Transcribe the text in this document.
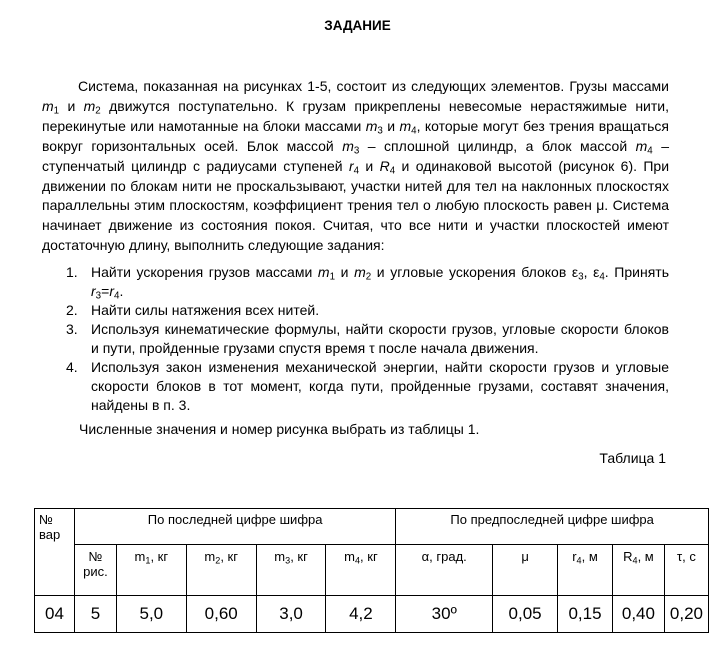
ЗАДАНИЕ

Система, показанная на рисунках 1-5, состоит из следующих элементов. Грузы массами $m_1$ и $m_2$ движутся поступательно. К грузам прикреплены невесомые нерастяжимые нити, перекинутые или намотанные на блоки массами $m_3$ и $m_4$, которые могут без трения вращаться вокруг горизонтальных осей. Блок массой $m_3$ – сплошной цилиндр, а блок массой $m_4$ – ступенчатый цилиндр с радиусами ступеней $r_4$ и $R_4$ и одинаковой высотой (рисунок 6). При движении по блокам нити не проскальзывают, участки нитей для тел на наклонных плоскостях параллельны этим плоскостям, коэффициент трения тел о любую плоскость равен μ. Система начинает движение из состояния покоя. Считая, что все нити и участки плоскостей имеют достаточную длину, выполнить следующие задания:

1. Найти ускорения грузов массами $m_1$ и $m_2$ и угловые ускорения блоков $\varepsilon_3$, $\varepsilon_4$. Принять $r_3=r_4$.
2. Найти силы натяжения всех нитей.
3. Используя кинематические формулы, найти скорости грузов, угловые скорости блоков и пути, пройденные грузами спустя время τ после начала движения.
4. Используя закон изменения механической энергии, найти скорости грузов и угловые скорости блоков в тот момент, когда пути, пройденные грузами, составят значения, найдены в п. 3.
Численные значения и номер рисунка выбрать из таблицы 1.
Таблица 1
№ вар	По последней цифре шифра					По предпоследней цифре шифра				
	№ рис.	$m_1$, кг	$m_2$, кг	$m_3$, кг	$m_4$, кг	α, град.	μ	$r_4$, м	$R_4$, м	τ, с
04	5	5,0	0,60	3,0	4,2	30º	0,05	0,15	0,40	0,20
